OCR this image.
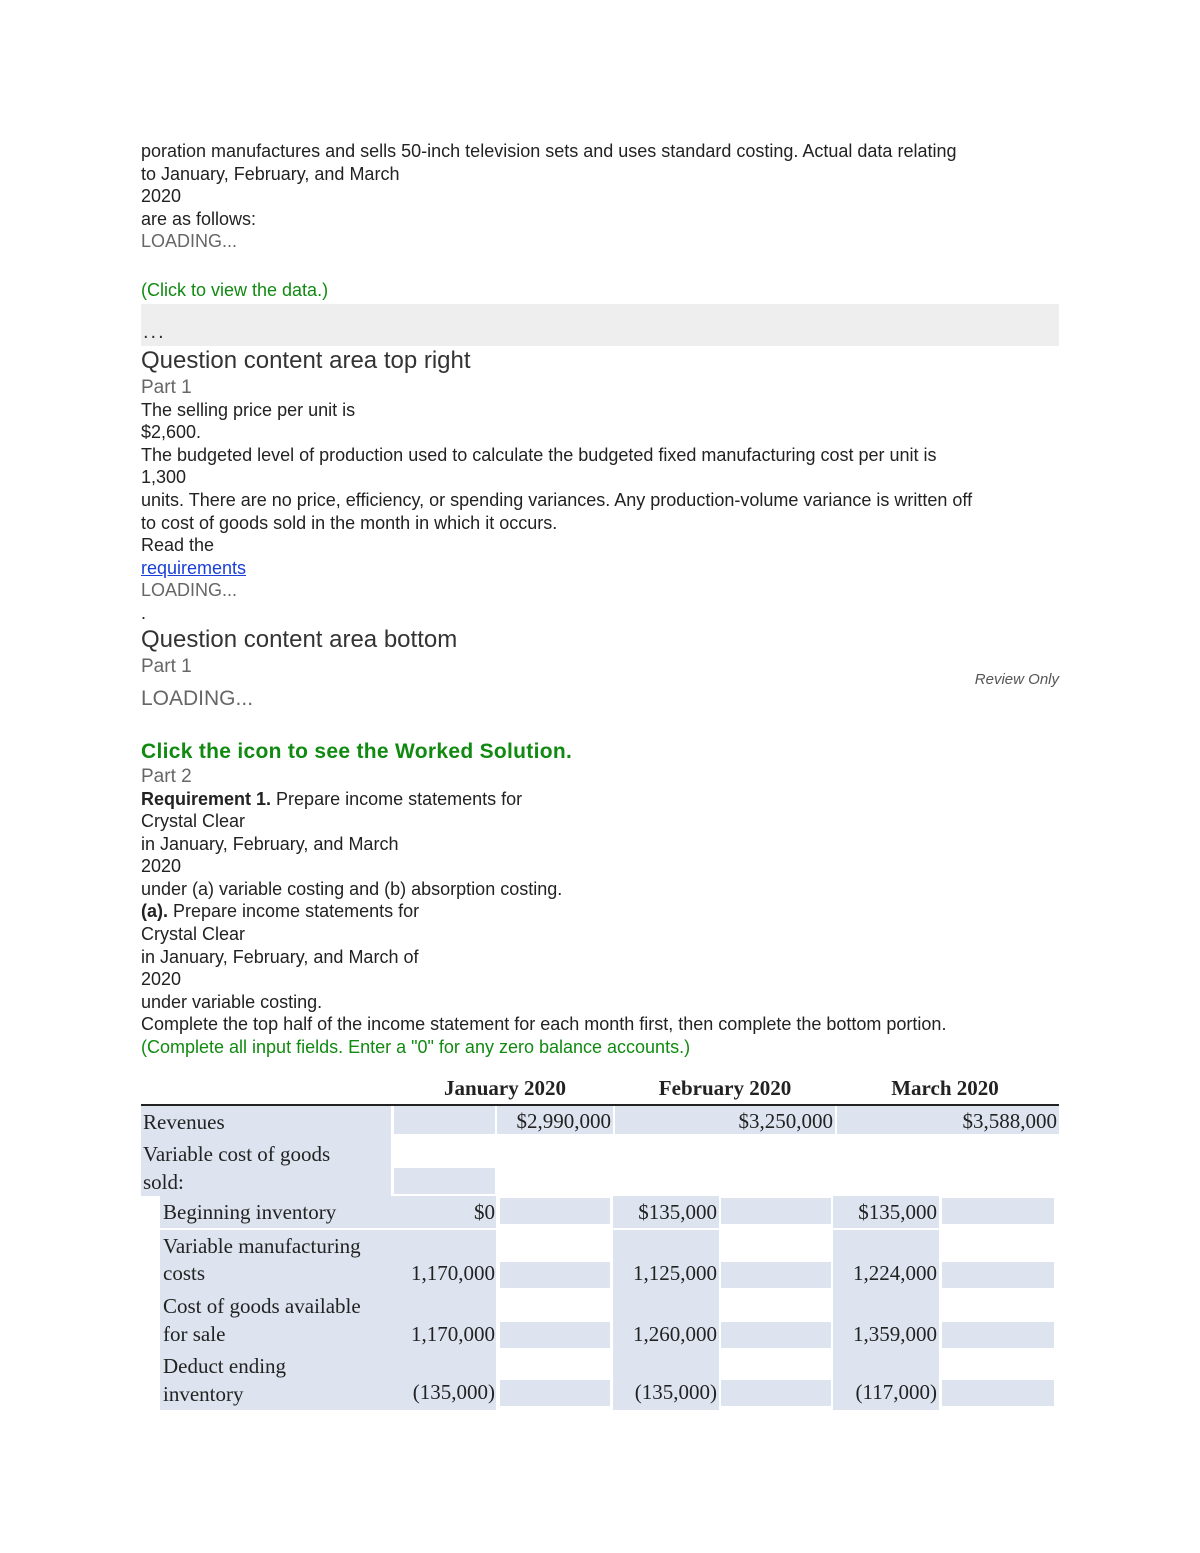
poration manufactures and sells 50-inch television sets and uses standard costing. Actual data relating

to January, February, and March

2020

are as follows:

LOADING...

(Click to view the data.)

...

Question content area top right

Part 1

The selling price per unit is

$2,600.

The budgeted level of production used to calculate the budgeted fixed manufacturing cost per unit is

1,300

units. There are no price, efficiency, or spending variances. Any production-volume variance is written off

to cost of goods sold in the month in which it occurs.

Read the

requirements

LOADING...

.

Question content area bottom

Part 1

Review Only

LOADING...

Click the icon to see the Worked Solution.

Part 2

Requirement 1. Prepare income statements for

Crystal Clear

in January, February, and March

2020

under (a) variable costing and (b) absorption costing.

(a). Prepare income statements for

Crystal Clear

in January, February, and March of

2020

under variable costing.

Complete the top half of the income statement for each month first, then complete the bottom portion.

(Complete all input fields. Enter a "0" for any zero balance accounts.)

January 2020	February 2020	March 2020
Revenues	$2,990,000	$3,250,000	$3,588,000
Variable cost of goods
sold:
Beginning inventory	$0	$135,000	$135,000
Variable manufacturing
costs	1,170,000	1,125,000	1,224,000
Cost of goods available
for sale	1,170,000	1,260,000	1,359,000
Deduct ending
inventory	(135,000)	(135,000)	(117,000)
